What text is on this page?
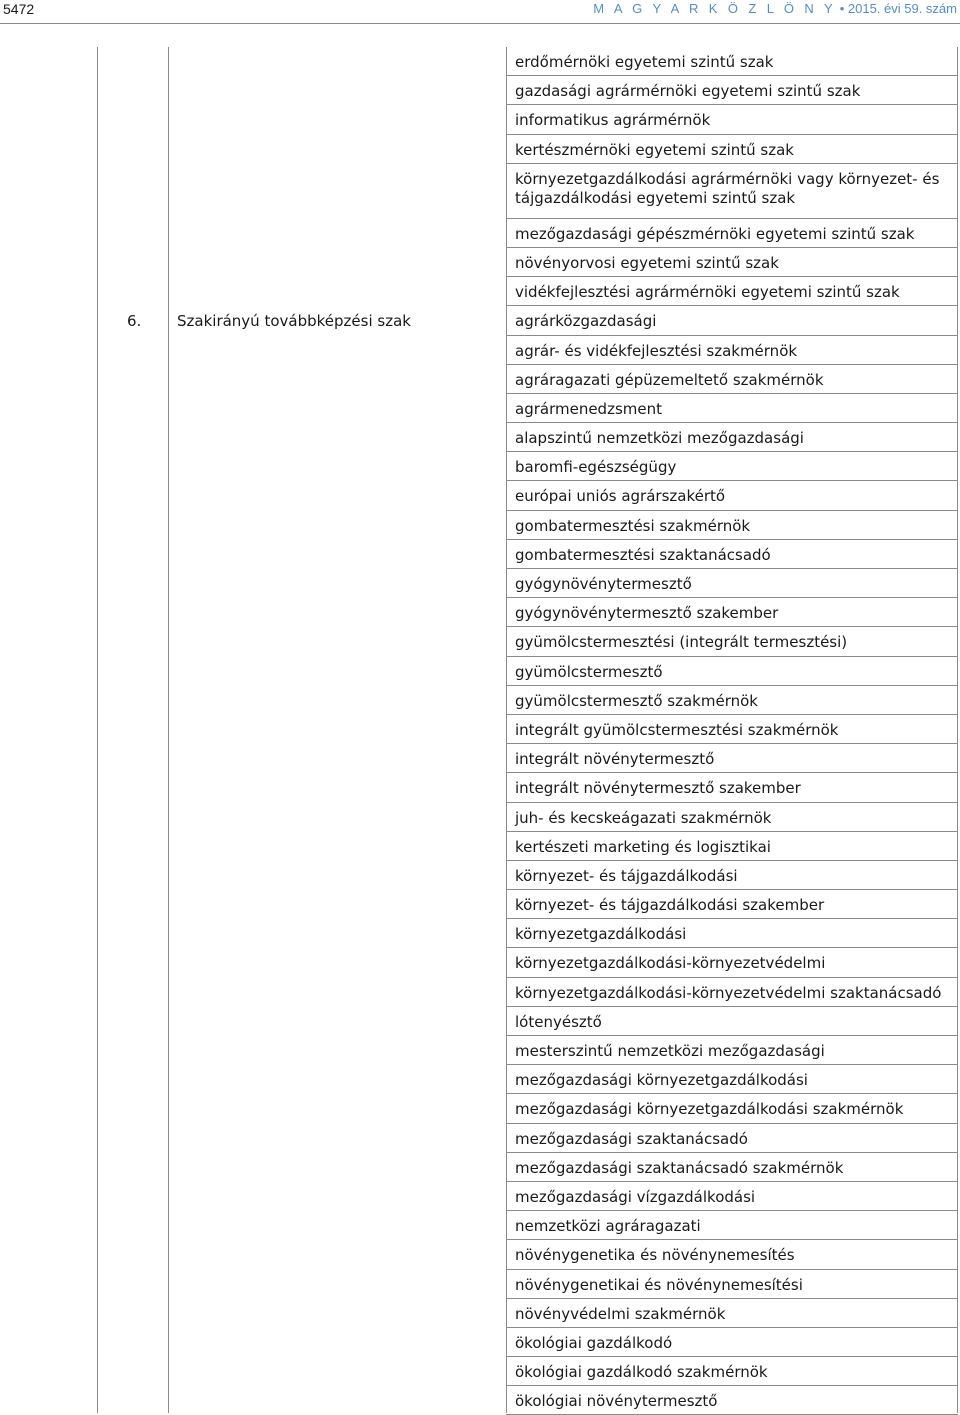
5472	M A G Y A R K Ö Z L Ö N Y • 2015. évi 59. szám
6. Szakirányú továbbképzési szak
erdőmérnöki egyetemi szintű szak
gazdasági agrármérnöki egyetemi szintű szak
informatikus agrármérnök
kertészmérnöki egyetemi szintű szak
környezetgazdálkodási agrármérnöki vagy környezet- és tájgazdálkodási egyetemi szintű szak
mezőgazdasági gépészmérnöki egyetemi szintű szak
növényorvosi egyetemi szintű szak
vidékfejlesztési agrármérnöki egyetemi szintű szak
agrárközgazdasági
agrár- és vidékfejlesztési szakmérnök
agráragazati gépüzemeltető szakmérnök
agrármenedzsment
alapszintű nemzetközi mezőgazdasági
baromfi-egészségügy
európai uniós agrárszakértő
gombatermesztési szakmérnök
gombatermesztési szaktanácsadó
gyógynövénytermesztő
gyógynövénytermesztő szakember
gyümölcstermesztési (integrált termesztési)
gyümölcstermesztő
gyümölcstermesztő szakmérnök
integrált gyümölcstermesztési szakmérnök
integrált növénytermesztő
integrált növénytermesztő szakember
juh- és kecskeágazati szakmérnök
kertészeti marketing és logisztikai
környezet- és tájgazdálkodási
környezet- és tájgazdálkodási szakember
környezetgazdálkodási
környezetgazdálkodási-környezetvédelmi
környezetgazdálkodási-környezetvédelmi szaktanácsadó
lótenyésztő
mesterszintű nemzetközi mezőgazdasági
mezőgazdasági környezetgazdálkodási
mezőgazdasági környezetgazdálkodási szakmérnök
mezőgazdasági szaktanácsadó
mezőgazdasági szaktanácsadó szakmérnök
mezőgazdasági vízgazdálkodási
nemzetközi agráragazati
növénygenetika és növénynemesítés
növénygenetikai és növénynemesítési
növényvédelmi szakmérnök
ökológiai gazdálkodó
ökológiai gazdálkodó szakmérnök
ökológiai növénytermesztő
